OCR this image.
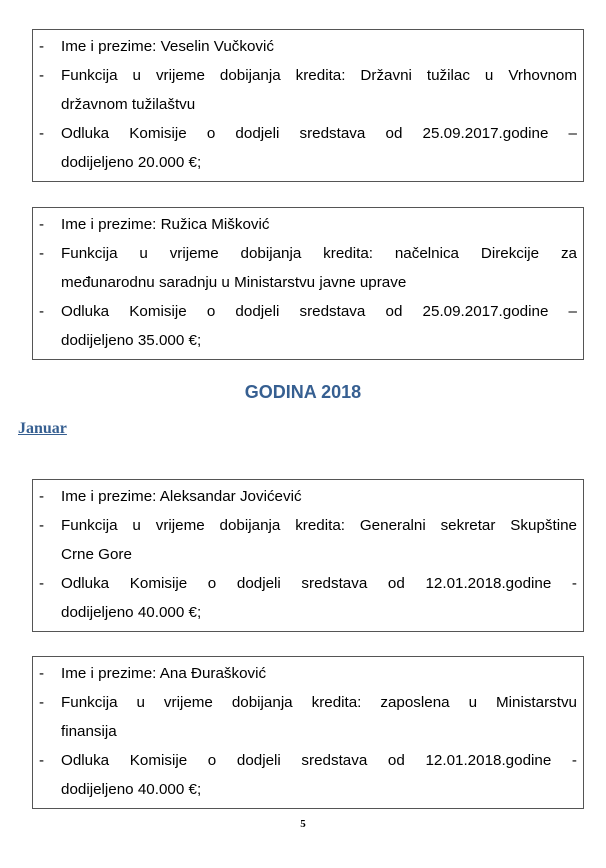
-	Ime i prezime: Veselin Vučković
-	Funkcija u vrijeme dobijanja kredita: Državni tužilac u Vrhovnom
državnom tužilaštvu
-	Odluka Komisije o dodjeli sredstava od 25.09.2017.godine –
dodijeljeno 20.000 €;
-	Ime i prezime: Ružica Mišković
-	Funkcija u vrijeme dobijanja kredita: načelnica Direkcije za
međunarodnu saradnju u Ministarstvu javne uprave
-	Odluka Komisije o dodjeli sredstava od 25.09.2017.godine –
dodijeljeno 35.000 €;
GODINA 2018

Januar

-	Ime i prezime: Aleksandar Jovićević
-	Funkcija u vrijeme dobijanja kredita: Generalni sekretar Skupštine
Crne Gore
-	Odluka Komisije o dodjeli sredstava od 12.01.2018.godine -
dodijeljeno 40.000 €;
-	Ime i prezime: Ana Đurašković
-	Funkcija u vrijeme dobijanja kredita: zaposlena u Ministarstvu
finansija
-	Odluka Komisije o dodjeli sredstava od 12.01.2018.godine -
dodijeljeno 40.000 €;
5
